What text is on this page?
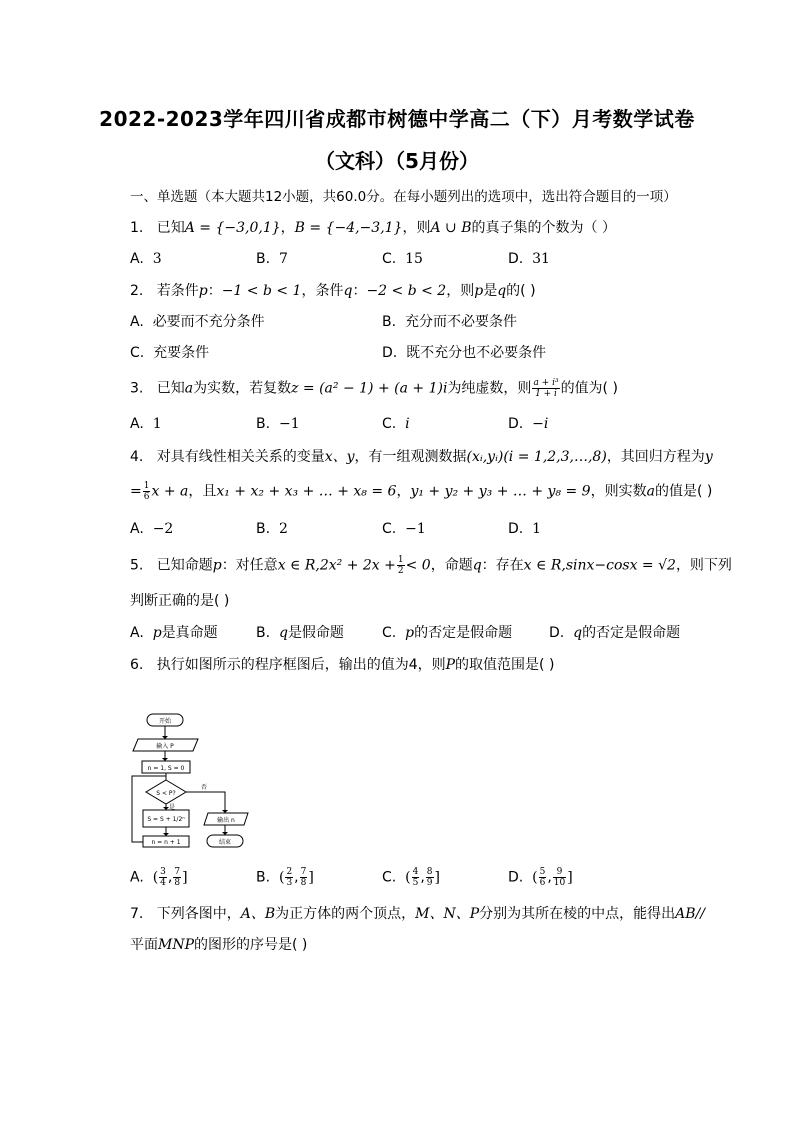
2022-2023学年四川省成都市树德中学高二（下）月考数学试卷
（文科）（5月份）
一、单选题（本大题共12小题，共60.0分。在每小题列出的选项中，选出符合题目的一项）
1. 已知A = {−3,0,1}，B = {−4,−3,1}，则A ∪ B的真子集的个数为（ ）
A. 3	B. 7	C. 15	D. 31
2. 若条件p：−1 < b < 1，条件q：−2 < b < 2，则p是q的( )
A. 必要而不充分条件	B. 充分而不必要条件
C. 充要条件	D. 既不充分也不必要条件
3. 已知a为实数，若复数z = (a² − 1) + (a + 1)i为纯虚数，则 $\frac{\text{a + i³}}{1 + i}$ 的值为( )
A. 1	B. −1	C. i	D. −i
4. 对具有线性相关关系的变量x、y，有一组观测数据(xᵢ,yᵢ)(i = 1,2,3,…,8)，其回归方程为y
= $\frac{1}{6}$ x + a，且x₁ + x₂ + x₃ + … + x₈ = 6，y₁ + y₂ + y₃ + … + y₈ = 9，则实数a的值是( )
A. −2	B. 2	C. −1	D. 1
5. 已知命题p：对任意x ∈ $R,2x^2 + 2x + \frac{1}{2} < 0$，命题q：存在x ∈ R,sinx−cosx = √2，则下列
判断正确的是( )
A. p是真命题	B. q是假命题	C. p的否定是假命题	D. q的否定是假命题
6. 执行如图所示的程序框图后，输出的值为4，则P的取值范围是( )
开始
输入 P
n = 1, S = 0
S < P?
否
是
S = S + 1/2ⁿ	输出 n
n = n + 1	结束
A. ( $\frac{3}{4}$ , $\frac{7}{8}$ ]	B. ( $\frac{2}{3}$ , $\frac{7}{8}$ ]	C. ( $\frac{4}{5}$ , $\frac{8}{9}$ ]	D. ( $\frac{5}{6}$ , $\frac{9}{10}$ ]
7. 下列各图中，A、B为正方体的两个顶点，M、N、P分别为其所在棱的中点，能得出AB//
平面MNP的图形的序号是( )
